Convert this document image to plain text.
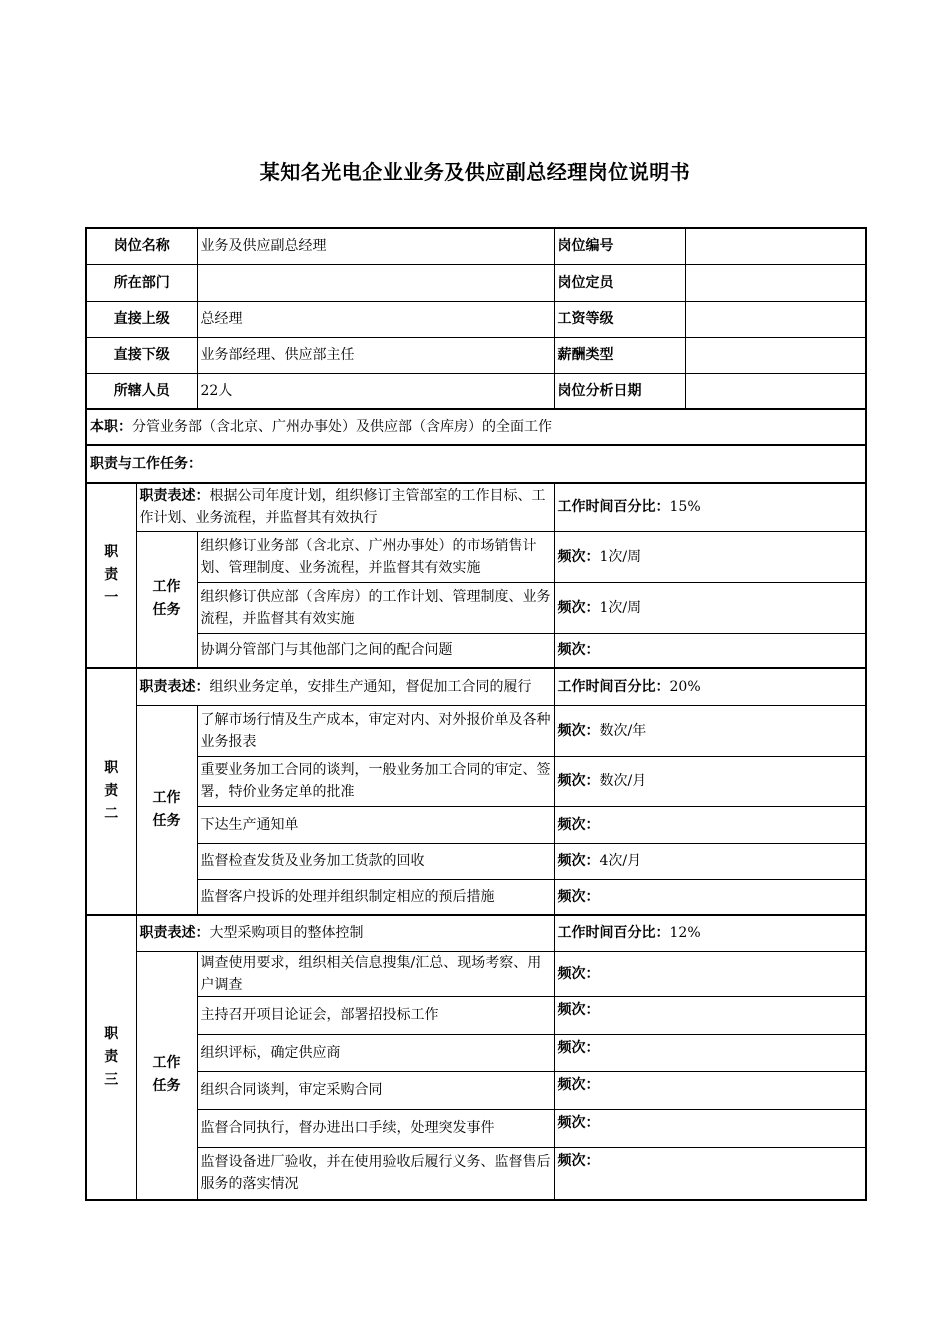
某知名光电企业业务及供应副总经理岗位说明书
岗位名称		业务及供应副总经理	岗位编号	
所在部门			岗位定员	
直接上级		总经理	工资等级	
直接下级		业务部经理、供应部主任	薪酬类型	
所辖人员		22人	岗位分析日期	
本职：分管业务部（含北京、广州办事处）及供应部（含库房）的全面工作				
职责与工作任务：				
职
责
一	职责表述：根据公司年度计划，组织修订主管部室的工作目标、工作计划、业务流程，并监督其有效执行		工作时间百分比：15%	
	工作
任务	组织修订业务部（含北京、广州办事处）的市场销售计划、管理制度、业务流程，并监督其有效实施	频次：1次/周	
		组织修订供应部（含库房）的工作计划、管理制度、业务流程，并监督其有效实施	频次：1次/周	
		协调分管部门与其他部门之间的配合问题	频次：	
职
责
二	职责表述：组织业务定单，安排生产通知，督促加工合同的履行		工作时间百分比：20%	
	工作
任务	了解市场行情及生产成本，审定对内、对外报价单及各种业务报表	频次：数次/年	
		重要业务加工合同的谈判，一般业务加工合同的审定、签署，特价业务定单的批准	频次：数次/月	
		下达生产通知单	频次：	
		监督检查发货及业务加工货款的回收	频次：4次/月	
		监督客户投诉的处理并组织制定相应的预后措施	频次：	
职
责
三	职责表述：大型采购项目的整体控制		工作时间百分比：12%	
	工作
任务	调查使用要求，组织相关信息搜集/汇总、现场考察、用户调查	频次：	
		主持召开项目论证会，部署招投标工作	频次：	
		组织评标，确定供应商	频次：	
		组织合同谈判，审定采购合同	频次：	
		监督合同执行，督办进出口手续，处理突发事件	频次：	
		监督设备进厂验收，并在使用验收后履行义务、监督售后服务的落实情况	频次：	
